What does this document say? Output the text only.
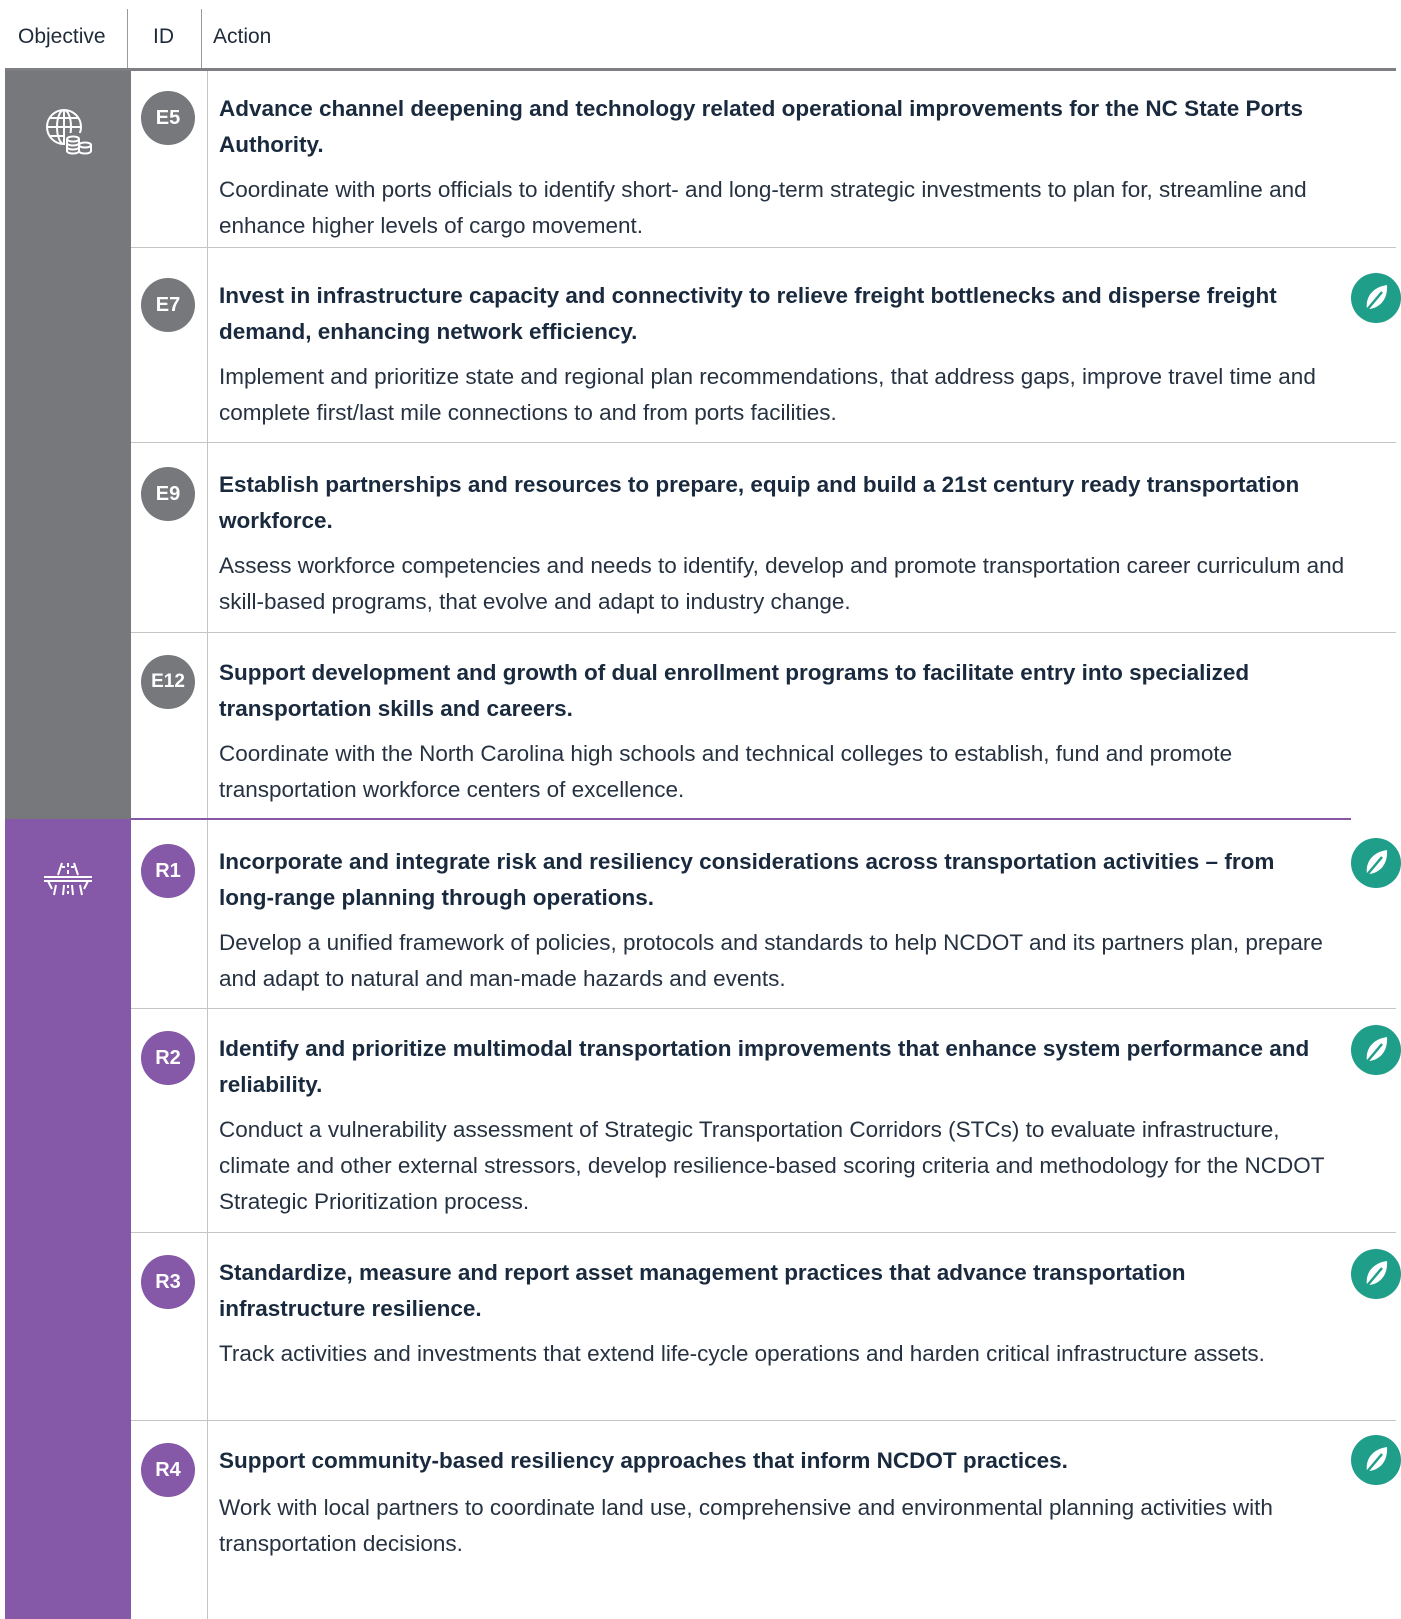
Objective ID Action
E5	Advance channel deepening and technology related operational improvements for the NC State Ports Authority.

Coordinate with ports officials to identify short- and long-term strategic investments to plan for, streamline and enhance higher levels of cargo movement.

E7	Invest in infrastructure capacity and connectivity to relieve freight bottlenecks and disperse freight demand, enhancing network efficiency.

Implement and prioritize state and regional plan recommendations, that address gaps, improve travel time and complete first/last mile connections to and from ports facilities.

E9	Establish partnerships and resources to prepare, equip and build a 21st century ready transportation workforce.

Assess workforce competencies and needs to identify, develop and promote transportation career curriculum and skill-based programs, that evolve and adapt to industry change.

E12	Support development and growth of dual enrollment programs to facilitate entry into specialized transportation skills and careers.

Coordinate with the North Carolina high schools and technical colleges to establish, fund and promote transportation workforce centers of excellence.

R1	Incorporate and integrate risk and resiliency considerations across transportation activities – from long-range planning through operations.

Develop a unified framework of policies, protocols and standards to help NCDOT and its partners plan, prepare and adapt to natural and man-made hazards and events.

R2	Identify and prioritize multimodal transportation improvements that enhance system performance and reliability.

Conduct a vulnerability assessment of Strategic Transportation Corridors (STCs) to evaluate infrastructure, climate and other external stressors, develop resilience-based scoring criteria and methodology for the NCDOT Strategic Prioritization process.

R3	Standardize, measure and report asset management practices that advance transportation infrastructure resilience.

Track activities and investments that extend life-cycle operations and harden critical infrastructure assets.

R4	Support community-based resiliency approaches that inform NCDOT practices.

Work with local partners to coordinate land use, comprehensive and environmental planning activities with transportation decisions.
